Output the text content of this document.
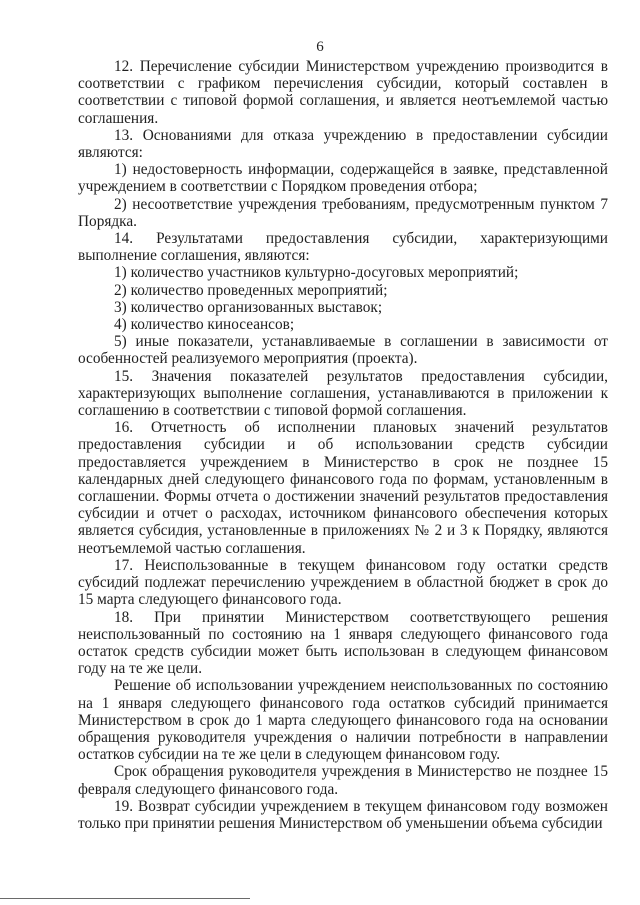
6

12. Перечисление субсидии Министерством учреждению производится в соответствии с графиком перечисления субсидии, который составлен в соответствии с типовой формой соглашения, и является неотъемлемой частью соглашения.

13. Основаниями для отказа учреждению в предоставлении субсидии являются:

1) недостоверность информации, содержащейся в заявке, представленной учреждением в соответствии с Порядком проведения отбора;

2) несоответствие учреждения требованиям, предусмотренным пунктом 7 Порядка.

14. Результатами предоставления субсидии, характеризующими выполнение соглашения, являются:

1) количество участников культурно-досуговых мероприятий;

2) количество проведенных мероприятий;

3) количество организованных выставок;

4) количество киносеансов;

5) иные показатели, устанавливаемые в соглашении в зависимости от особенностей реализуемого мероприятия (проекта).

15. Значения показателей результатов предоставления субсидии, характеризующих выполнение соглашения, устанавливаются в приложении к соглашению в соответствии с типовой формой соглашения.

16. Отчетность об исполнении плановых значений результатов предоставления субсидии и об использовании средств субсидии предоставляется учреждением в Министерство в срок не позднее 15 календарных дней следующего финансового года по формам, установленным в соглашении. Формы отчета о достижении значений результатов предоставления субсидии и отчет о расходах, источником финансового обеспечения которых является субсидия, установленные в приложениях № 2 и 3 к Порядку, являются неотъемлемой частью соглашения.

17. Неиспользованные в текущем финансовом году остатки средств субсидий подлежат перечислению учреждением в областной бюджет в срок до 15 марта следующего финансового года.

18. При принятии Министерством соответствующего решения неиспользованный по состоянию на 1 января следующего финансового года остаток средств субсидии может быть использован в следующем финансовом году на те же цели.

Решение об использовании учреждением неиспользованных по состоянию на 1 января следующего финансового года остатков субсидий принимается Министерством в срок до 1 марта следующего финансового года на основании обращения руководителя учреждения о наличии потребности в направлении остатков субсидии на те же цели в следующем финансовом году.

Срок обращения руководителя учреждения в Министерство не позднее 15 февраля следующего финансового года.

19. Возврат субсидии учреждением в текущем финансовом году возможен только при принятии решения Министерством об уменьшении объема субсидии
